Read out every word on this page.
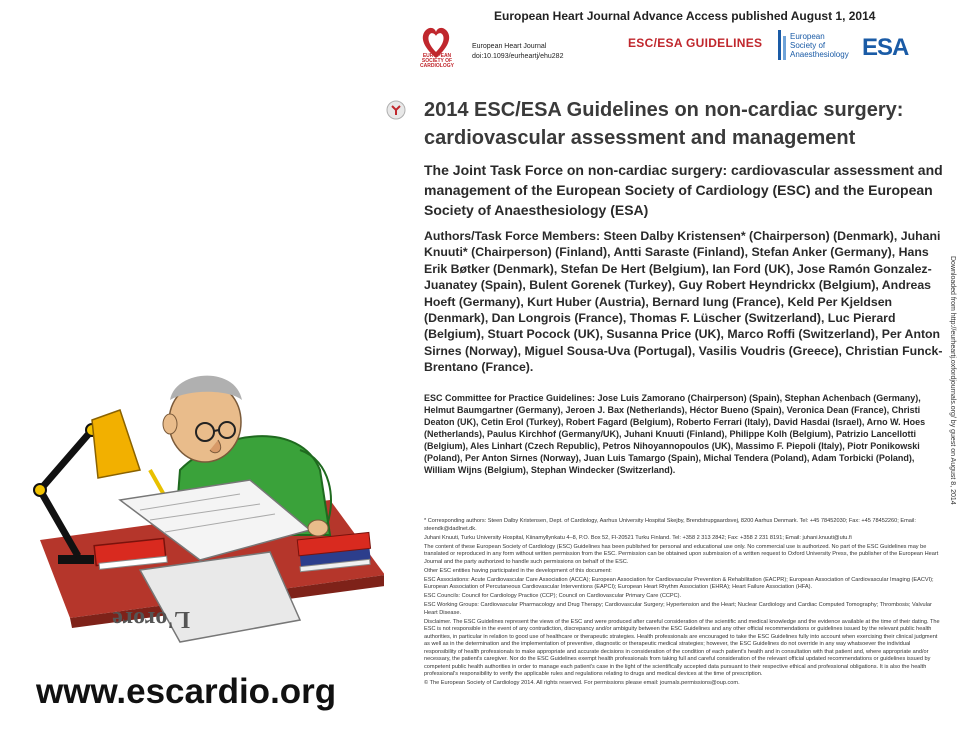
L'orore
www.escardio.org
European Heart Journal Advance Access published August 1, 2014
EUROPEAN SOCIETY OF CARDIOLOGY
European Heart Journal
doi:10.1093/eurheartj/ehu282
ESC/ESA GUIDELINES	European
Society of
Anaesthesiology ESA
2014 ESC/ESA Guidelines on non-cardiac surgery:
cardiovascular assessment and management
The Joint Task Force on non-cardiac surgery: cardiovascular assessment and management of the European Society of Cardiology (ESC) and the European Society of Anaesthesiology (ESA)
Authors/Task Force Members: Steen Dalby Kristensen* (Chairperson) (Denmark), Juhani Knuuti* (Chairperson) (Finland), Antti Saraste (Finland), Stefan Anker (Germany), Hans Erik Bøtker (Denmark), Stefan De Hert (Belgium), Ian Ford (UK), Jose Ramón Gonzalez-Juanatey (Spain), Bulent Gorenek (Turkey), Guy Robert Heyndrickx (Belgium), Andreas Hoeft (Germany), Kurt Huber (Austria), Bernard Iung (France), Keld Per Kjeldsen (Denmark), Dan Longrois (France), Thomas F. Lüscher (Switzerland), Luc Pierard (Belgium), Stuart Pocock (UK), Susanna Price (UK), Marco Roffi (Switzerland), Per Anton Sirnes (Norway), Miguel Sousa-Uva (Portugal), Vasilis Voudris (Greece), Christian Funck-Brentano (France).
ESC Committee for Practice Guidelines: Jose Luis Zamorano (Chairperson) (Spain), Stephan Achenbach (Germany), Helmut Baumgartner (Germany), Jeroen J. Bax (Netherlands), Héctor Bueno (Spain), Veronica Dean (France), Christi Deaton (UK), Cetin Erol (Turkey), Robert Fagard (Belgium), Roberto Ferrari (Italy), David Hasdai (Israel), Arno W. Hoes (Netherlands), Paulus Kirchhof (Germany/UK), Juhani Knuuti (Finland), Philippe Kolh (Belgium), Patrizio Lancellotti (Belgium), Ales Linhart (Czech Republic), Petros Nihoyannopoulos (UK), Massimo F. Piepoli (Italy), Piotr Ponikowski (Poland), Per Anton Sirnes (Norway), Juan Luis Tamargo (Spain), Michal Tendera (Poland), Adam Torbicki (Poland), William Wijns (Belgium), Stephan Windecker (Switzerland).

* Corresponding authors: Steen Dalby Kristensen, Dept. of Cardiology, Aarhus University Hospital Skejby, Brendstrupgaardsvej, 8200 Aarhus Denmark. Tel: +45 78452030; Fax: +45 78452260; Email: steendk@dadlnet.dk.

Juhani Knuuti, Turku University Hospital, Kiinamyllynkatu 4–8, P.O. Box 52, FI-20521 Turku Finland. Tel: +358 2 313 2842; Fax: +358 2 231 8191; Email: juhani.knuuti@utu.fi

The content of these European Society of Cardiology (ESC) Guidelines has been published for personal and educational use only. No commercial use is authorized. No part of the ESC Guidelines may be translated or reproduced in any form without written permission from the ESC. Permission can be obtained upon submission of a written request to Oxford University Press, the publisher of the European Heart Journal and the party authorized to handle such permissions on behalf of the ESC.

Other ESC entities having participated in the development of this document:

ESC Associations: Acute Cardiovascular Care Association (ACCA); European Association for Cardiovascular Prevention & Rehabilitation (EACPR); European Association of Cardiovascular Imaging (EACVI); European Association of Percutaneous Cardiovascular Interventions (EAPCI); European Heart Rhythm Association (EHRA); Heart Failure Association (HFA).

ESC Councils: Council for Cardiology Practice (CCP); Council on Cardiovascular Primary Care (CCPC).

ESC Working Groups: Cardiovascular Pharmacology and Drug Therapy; Cardiovascular Surgery; Hypertension and the Heart; Nuclear Cardiology and Cardiac Computed Tomography; Thrombosis; Valvular Heart Disease.

Disclaimer. The ESC Guidelines represent the views of the ESC and were produced after careful consideration of the scientific and medical knowledge and the evidence available at the time of their dating. The ESC is not responsible in the event of any contradiction, discrepancy and/or ambiguity between the ESC Guidelines and any other official recommendations or guidelines issued by the relevant public health authorities, in particular in relation to good use of healthcare or therapeutic strategies. Health professionals are encouraged to take the ESC Guidelines fully into account when exercising their clinical judgment as well as in the determination and the implementation of preventive, diagnostic or therapeutic medical strategies; however, the ESC Guidelines do not override in any way whatsoever the individual responsibility of health professionals to make appropriate and accurate decisions in consideration of the condition of each patient's health and in consultation with that patient and, where appropriate and/or necessary, the patient's caregiver. Nor do the ESC Guidelines exempt health professionals from taking full and careful consideration of the relevant official updated recommendations or guidelines issued by competent public health authorities in order to manage each patient's case in the light of the scientifically accepted data pursuant to their respective ethical and professional obligations. It is also the health professional's responsibility to verify the applicable rules and regulations relating to drugs and medical devices at the time of prescription.

© The European Society of Cardiology 2014. All rights reserved. For permissions please email: journals.permissions@oup.com.

Downloaded from http://eurheartj.oxfordjournals.org/ by guest on August 8, 2014
